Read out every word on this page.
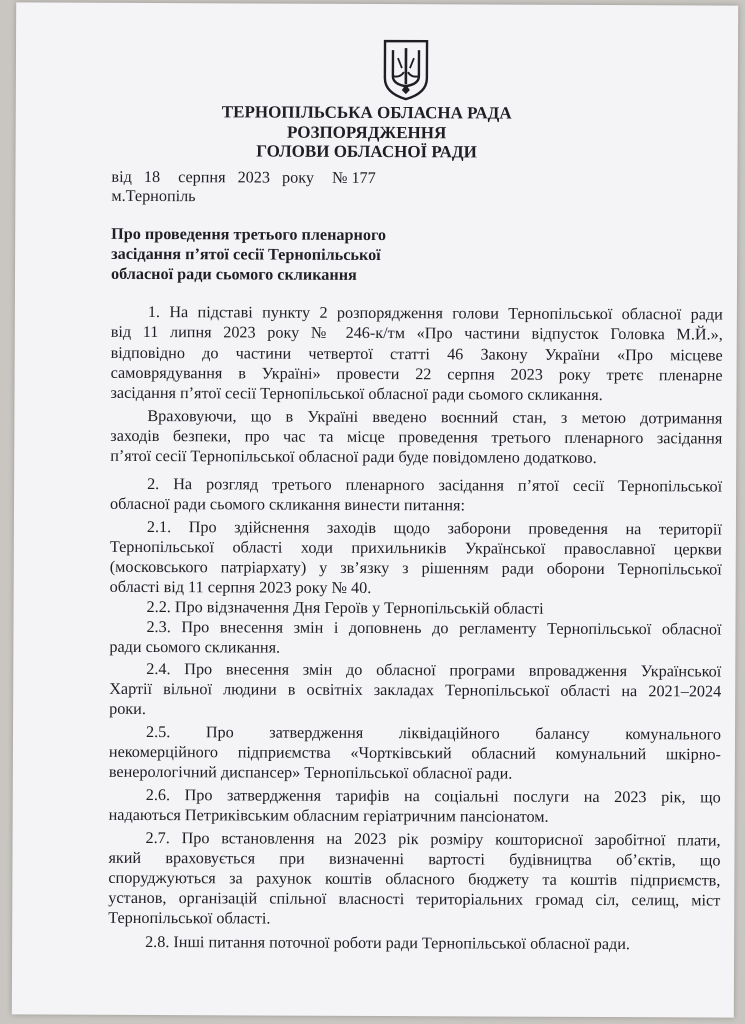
ТЕРНОПІЛЬСЬКА ОБЛАСНА РАДА
РОЗПОРЯДЖЕННЯ
ГОЛОВИ ОБЛАСНОЇ РАДИ
від 18 серпня 2023 року № 177
м.Тернопіль
Про проведення третього пленарного
засідання п’ятої сесії Тернопільської
обласної ради сьомого скликання
1. На підставі пункту 2 розпорядження голови Тернопільської обласної ради
від 11 липня 2023 року № 246-к/тм «Про частини відпусток Головка М.Й.»,
відповідно до частини четвертої статті 46 Закону України «Про місцеве
самоврядування в Україні» провести 22 серпня 2023 року третє пленарне
засідання п’ятої сесії Тернопільської обласної ради сьомого скликання.
Враховуючи, що в Україні введено воєнний стан, з метою дотримання
заходів безпеки, про час та місце проведення третього пленарного засідання
п’ятої сесії Тернопільської обласної ради буде повідомлено додатково.
2. На розгляд третього пленарного засідання п’ятої сесії Тернопільської
обласної ради сьомого скликання винести питання:
2.1. Про здійснення заходів щодо заборони проведення на території
Тернопільської області ходи прихильників Української православної церкви
(московського патріархату) у зв’язку з рішенням ради оборони Тернопільської
області від 11 серпня 2023 року № 40.
2.2. Про відзначення Дня Героїв у Тернопільській області
2.3. Про внесення змін і доповнень до регламенту Тернопільської обласної
ради сьомого скликання.
2.4. Про внесення змін до обласної програми впровадження Української
Хартії вільної людини в освітніх закладах Тернопільської області на 2021–2024
роки.
2.5. Про затвердження ліквідаційного балансу комунального
некомерційного підприємства «Чортківський обласний комунальний шкірно-
венерологічний диспансер» Тернопільської обласної ради.
2.6. Про затвердження тарифів на соціальні послуги на 2023 рік, що
надаються Петриківським обласним геріатричним пансіонатом.
2.7. Про встановлення на 2023 рік розміру кошторисної заробітної плати,
який враховується при визначенні вартості будівництва об’єктів, що
споруджуються за рахунок коштів обласного бюджету та коштів підприємств,
установ, організацій спільної власності територіальних громад сіл, селищ, міст
Тернопільської області.
2.8. Інші питання поточної роботи ради Тернопільської обласної ради.
